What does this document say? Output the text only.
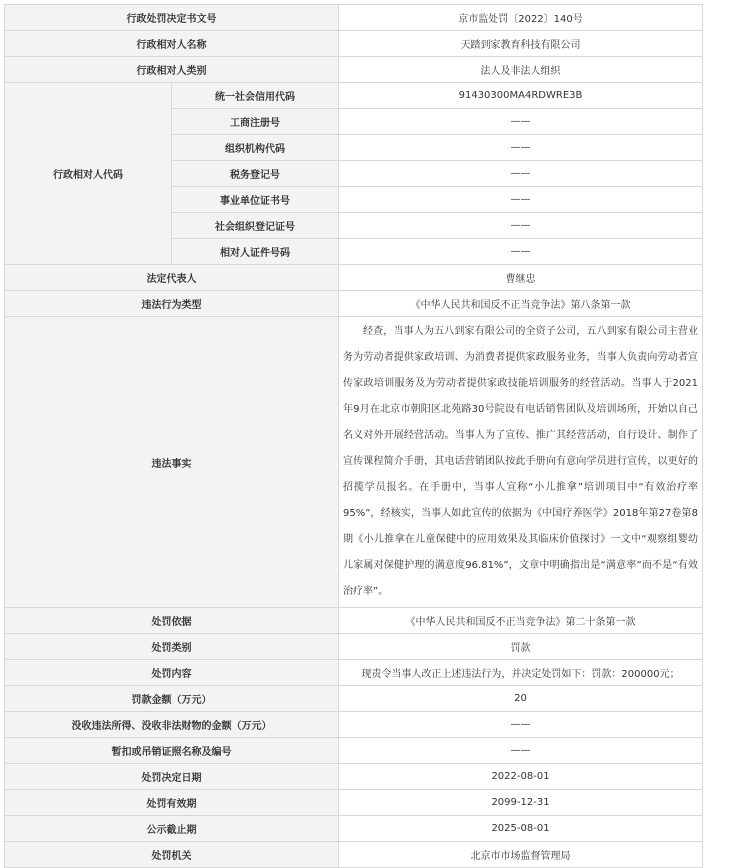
行政处罚决定书文号		京市监处罚〔2022〕140号
行政相对人名称		天踏到家教育科技有限公司
行政相对人类别		法人及非法人组织
行政相对人代码	统一社会信用代码	91430300MA4RDWRE3B
	工商注册号	——
	组织机构代码	——
	税务登记号	——
	事业单位证书号	——
	社会组织登记证号	——
	相对人证件号码	——
法定代表人		曹继忠
违法行为类型		《中华人民共和国反不正当竞争法》第八条第一款
违法事实		经查，当事人为五八到家有限公司的全资子公司，五八到家有限公司主营业务为劳动者提供家政培训、为消费者提供家政服务业务，当事人负责向劳动者宣传家政培训服务及为劳动者提供家政技能培训服务的经营活动。当事人于2021年9月在北京市朝阳区北苑路30号院设有电话销售团队及培训场所，开始以自己名义对外开展经营活动。当事人为了宣传、推广其经营活动，自行设计、制作了宣传课程简介手册，其电话营销团队按此手册向有意向学员进行宣传，以更好的招揽学员报名。在手册中，当事人宣称“小儿推拿”培训项目中“有效治疗率95%”，经核实，当事人如此宣传的依据为《中国疗养医学》2018年第27卷第8期《小儿推拿在儿童保健中的应用效果及其临床价值探讨》一文中“观察组婴幼儿家属对保健护理的满意度96.81%”，文章中明确指出是“满意率”而不是“有效治疗率”。
处罚依据		《中华人民共和国反不正当竞争法》第二十条第一款
处罚类别		罚款
处罚内容		现责令当事人改正上述违法行为，并决定处罚如下：罚款：200000元；
罚款金额（万元）		20
没收违法所得、没收非法财物的金额（万元）		——
暂扣或吊销证照名称及编号		——
处罚决定日期		2022-08-01
处罚有效期		2099-12-31
公示截止期		2025-08-01
处罚机关		北京市市场监督管理局
